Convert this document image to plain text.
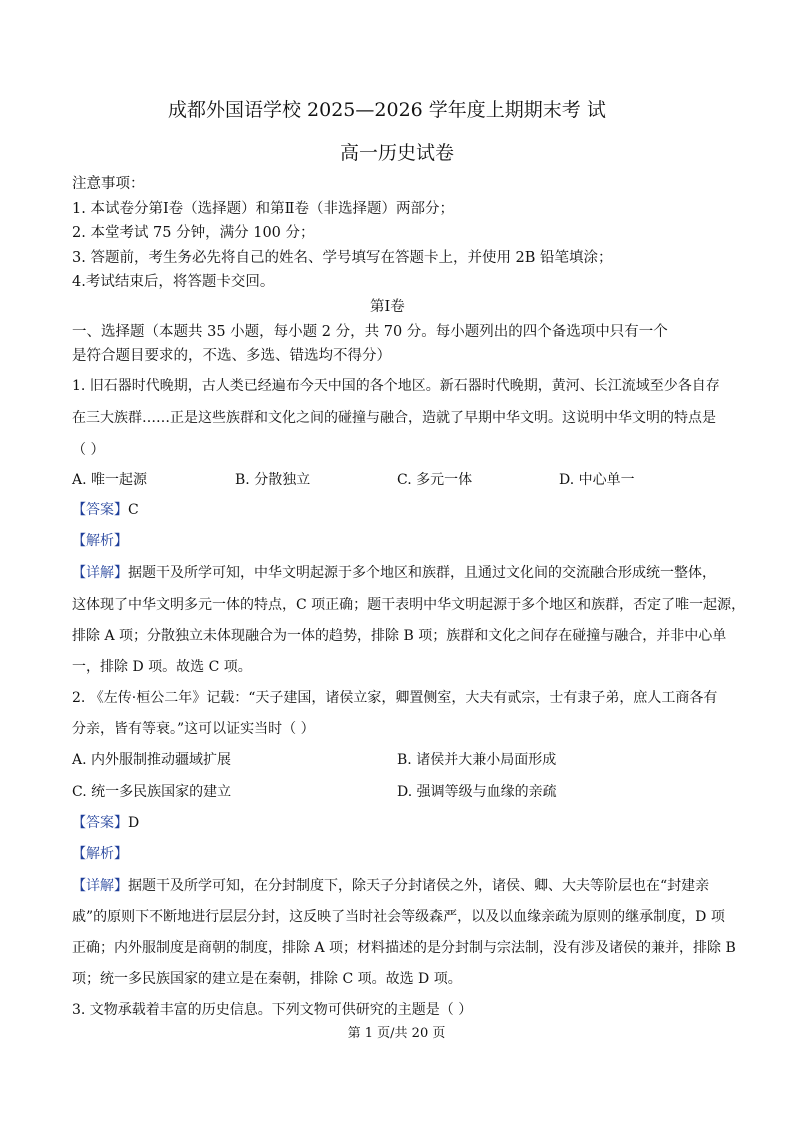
成都外国语学校 2025—2026 学年度上期期末考 试
高一历史试卷
注意事项：
1. 本试卷分第Ⅰ卷（选择题）和第Ⅱ卷（非选择题）两部分；
2. 本堂考试 75 分钟，满分 100 分；
3. 答题前，考生务必先将自己的姓名、学号填写在答题卡上，并使用 2B 铅笔填涂；
4.考试结束后，将答题卡交回。
第Ⅰ卷
一、选择题（本题共 35 小题，每小题 2 分，共 70 分。每小题列出的四个备选项中只有一个
是符合题目要求的，不选、多选、错选均不得分）
1. 旧石器时代晚期，古人类已经遍布今天中国的各个地区。新石器时代晚期，黄河、长江流域至少各自存
在三大族群……正是这些族群和文化之间的碰撞与融合，造就了早期中华文明。这说明中华文明的特点是
（ ）
A. 唯一起源	B. 分散独立	C. 多元一体	D. 中心单一
【答案】C
【解析】
【详解】据题干及所学可知，中华文明起源于多个地区和族群，且通过文化间的交流融合形成统一整体，
这体现了中华文明多元一体的特点，C 项正确；题干表明中华文明起源于多个地区和族群，否定了唯一起源，
排除 A 项；分散独立未体现融合为一体的趋势，排除 B 项；族群和文化之间存在碰撞与融合，并非中心单
一，排除 D 项。故选 C 项。
2. 《左传·桓公二年》记载：“天子建国，诸侯立家，卿置侧室，大夫有贰宗，士有隶子弟，庶人工商各有
分亲，皆有等衰。”这可以证实当时（ ）
A. 内外服制推动疆域扩展	B. 诸侯并大兼小局面形成
C. 统一多民族国家的建立	D. 强调等级与血缘的亲疏
【答案】D
【解析】
【详解】据题干及所学可知，在分封制度下，除天子分封诸侯之外，诸侯、卿、大夫等阶层也在“封建亲
戚”的原则下不断地进行层层分封，这反映了当时社会等级森严，以及以血缘亲疏为原则的继承制度，D 项
正确；内外服制度是商朝的制度，排除 A 项；材料描述的是分封制与宗法制，没有涉及诸侯的兼并，排除 B
项；统一多民族国家的建立是在秦朝，排除 C 项。故选 D 项。
3. 文物承载着丰富的历史信息。下列文物可供研究的主题是（ ）
第 1 页/共 20 页
